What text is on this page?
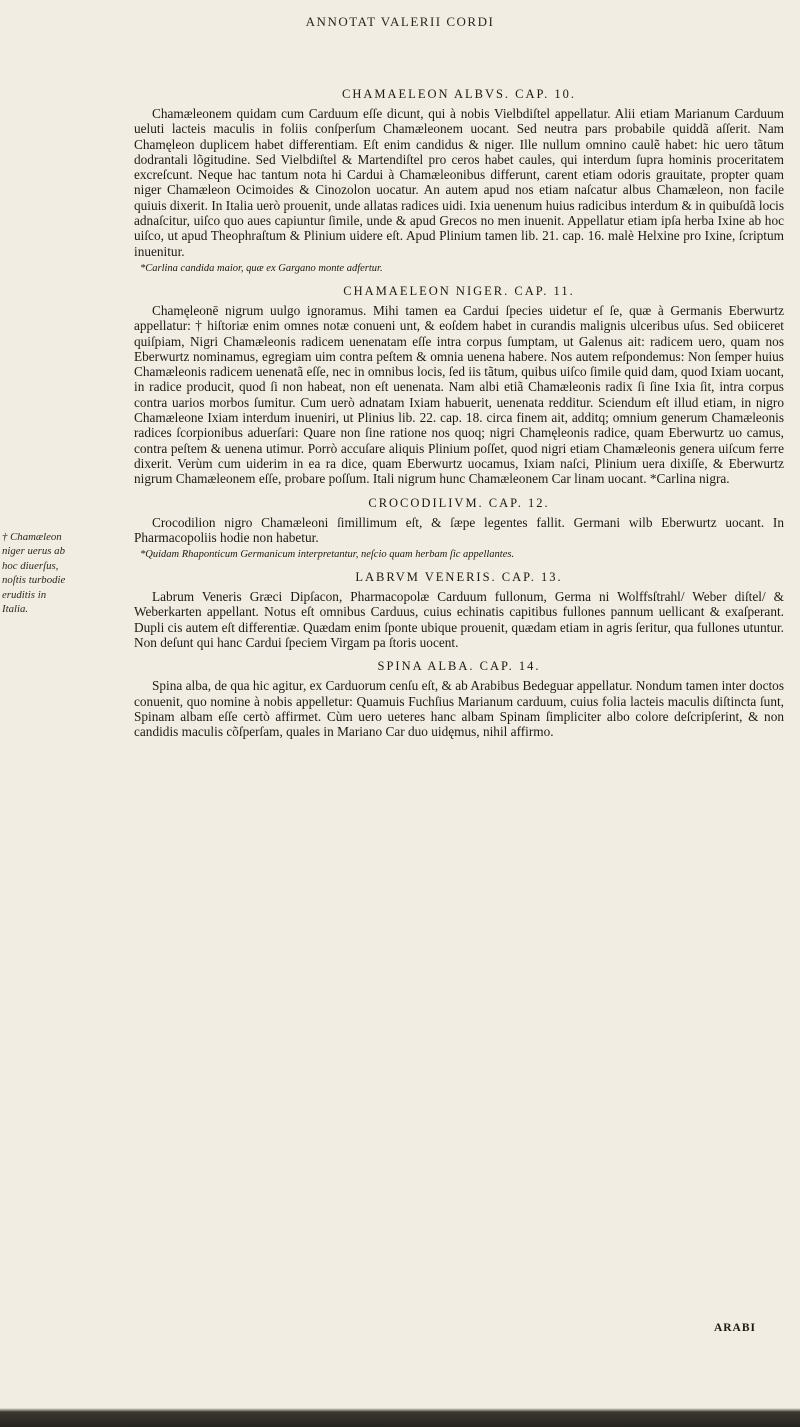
ANNOTAT VALERII CORDI
CHAMAELEON ALBVS. CAP. 10.

Chamæleonem quidam cum Carduum eſſe dicunt, qui à nobis Vielbdiſtel appellatur. Alii etiam Marianum Carduum ueluti lacteis maculis in foliis conſperſum Chamæleonem uocant. Sed neutra pars probabile quiddã aſſerit. Nam Chamęleon duplicem habet differentiam. Eſt enim candidus & niger. Ille nullum omnino caulẽ habet: hic uero tãtum dodrantali lõgitudine. Sed Vielbdiſtel & Martendiſtel pro ceros habet caules, qui interdum ſupra hominis proceritatem excreſcunt. Neque hac tantum nota hi Cardui à Chamæleonibus differunt, carent etiam odoris grauitate, propter quam niger Chamæleon Ocimoides & Cinozolon uocatur. An autem apud nos etiam naſcatur albus Chamæleon, non facile quiuis dixerit. In Italia uerò prouenit, unde allatas radices uidi. Ixia uenenum huius radicibus interdum & in quibuſdã locis adnaſcitur, uiſco quo aues capiuntur ſimile, unde & apud Grecos no men inuenit. Appellatur etiam ipſa herba Ixine ab hoc uiſco, ut apud Theophraſtum & Plinium uidere eſt. Apud Plinium tamen lib. 21. cap. 16. malè Helxine pro Ixine, ſcriptum inuenitur.

*Carlina candida maior, quæ ex Gargano monte adfertur.

CHAMAELEON NIGER. CAP. 11.

Chamęleonē nigrum uulgo ignoramus. Mihi tamen ea Cardui ſpecies uidetur eſ ſe, quæ à Germanis Eberwurtz appellatur: † hiſtoriæ enim omnes notæ conueni unt, & eoſdem habet in curandis malignis ulceribus uſus. Sed obiiceret quiſpiam, Nigri Chamæleonis radicem uenenatam eſſe intra corpus ſumptam, ut Galenus ait: radicem uero, quam nos Eberwurtz nominamus, egregiam uim contra peſtem & omnia uenena habere. Nos autem reſpondemus: Non ſemper huius Chamæleonis radicem uenenatã eſſe, nec in omnibus locis, ſed iis tãtum, quibus uiſco ſimile quid dam, quod Ixiam uocant, in radice producit, quod ſi non habeat, non eſt uenenata. Nam albi etiã Chamæleonis radix ſi ſine Ixia ſit, intra corpus contra uarios morbos ſumitur. Cum uerò adnatam Ixiam habuerit, uenenata redditur. Sciendum eſt illud etiam, in nigro Chamæleone Ixiam interdum inueniri, ut Plinius lib. 22. cap. 18. circa finem ait, additq; omnium generum Chamæleonis radices ſcorpionibus aduerſari: Quare non ſine ratione nos quoq; nigri Chamęleonis radice, quam Eberwurtz uo camus, contra peſtem & uenena utimur. Porrò accuſare aliquis Plinium poſſet, quod nigri etiam Chamæleonis genera uiſcum ferre dixerit. Verùm cum uiderim in ea ra dice, quam Eberwurtz uocamus, Ixiam naſci, Plinium uera dixiſſe, & Eberwurtz nigrum Chamæleonem eſſe, probare poſſum. Itali nigrum hunc Chamæleonem Car linam uocant. *Carlina nigra.

CROCODILIVM. CAP. 12.

Crocodilion nigro Chamæleoni ſimillimum eſt, & ſæpe legentes fallit. Germani wilb Eberwurtz uocant. In Pharmacopoliis hodie non habetur.

*Quidam Rhaponticum Germanicum interpretantur, neſcio quam herbam ſic appellantes.

LABRVM VENERIS. CAP. 13.

Labrum Veneris Græci Dipſacon, Pharmacopolæ Carduum fullonum, Germa ni Wolffsſtrahl/ Weber diſtel/ & Weberkarten appellant. Notus eſt omnibus Carduus, cuius echinatis capitibus fullones pannum uellicant & exaſperant. Dupli cis autem eſt differentiæ. Quædam enim ſponte ubique prouenit, quædam etiam in agris ſeritur, qua fullones utuntur. Non deſunt qui hanc Cardui ſpeciem Virgam pa ſtoris uocent.

SPINA ALBA. CAP. 14.

Spina alba, de qua hic agitur, ex Carduorum cenſu eſt, & ab Arabibus Bedeguar appellatur. Nondum tamen inter doctos conuenit, quo nomine à nobis appelletur: Quamuis Fuchſius Marianum carduum, cuius folia lacteis maculis diſtincta ſunt, Spinam albam eſſe certò affirmet. Cùm uero ueteres hanc albam Spinam ſimpliciter albo colore deſcripſerint, & non candidis maculis cõſperſam, quales in Mariano Car duo uidęmus, nihil affirmo.

† Chamæleon niger uerus ab hoc diuerſus, noſtis turbodie eruditis in Italia.
ARABI
